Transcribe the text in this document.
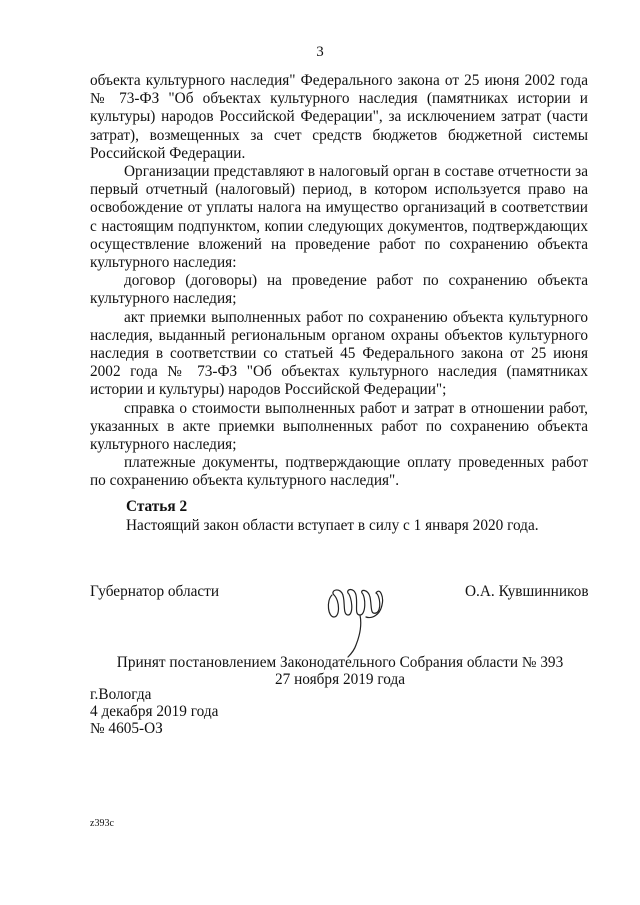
3

объекта культурного наследия" Федерального закона от 25 июня 2002 года № 73-ФЗ "Об объектах культурного наследия (памятниках истории и культуры) народов Российской Федерации", за исключением затрат (части затрат), возмещенных за счет средств бюджетов бюджетной системы Российской Федерации.

Организации представляют в налоговый орган в составе отчетности за первый отчетный (налоговый) период, в котором используется право на освобождение от уплаты налога на имущество организаций в соответствии с настоящим подпунктом, копии следующих документов, подтверждающих осуществление вложений на проведение работ по сохранению объекта культурного наследия:

договор (договоры) на проведение работ по сохранению объекта культурного наследия;

акт приемки выполненных работ по сохранению объекта культурного наследия, выданный региональным органом охраны объектов культурного наследия в соответствии со статьей 45 Федерального закона от 25 июня 2002 года № 73-ФЗ "Об объектах культурного наследия (памятниках истории и культуры) народов Российской Федерации";

справка о стоимости выполненных работ и затрат в отношении работ, указанных в акте приемки выполненных работ по сохранению объекта культурного наследия;

платежные документы, подтверждающие оплату проведенных работ по сохранению объекта культурного наследия".

Статья 2
Настоящий закон области вступает в силу с 1 января 2020 года.
Губернатор области	О.А. Кувшинников
Принят постановлением Законодательного Собрания области № 393
27 ноября 2019 года
г.Вологда
4 декабря 2019 года
№ 4605-ОЗ
z393c
